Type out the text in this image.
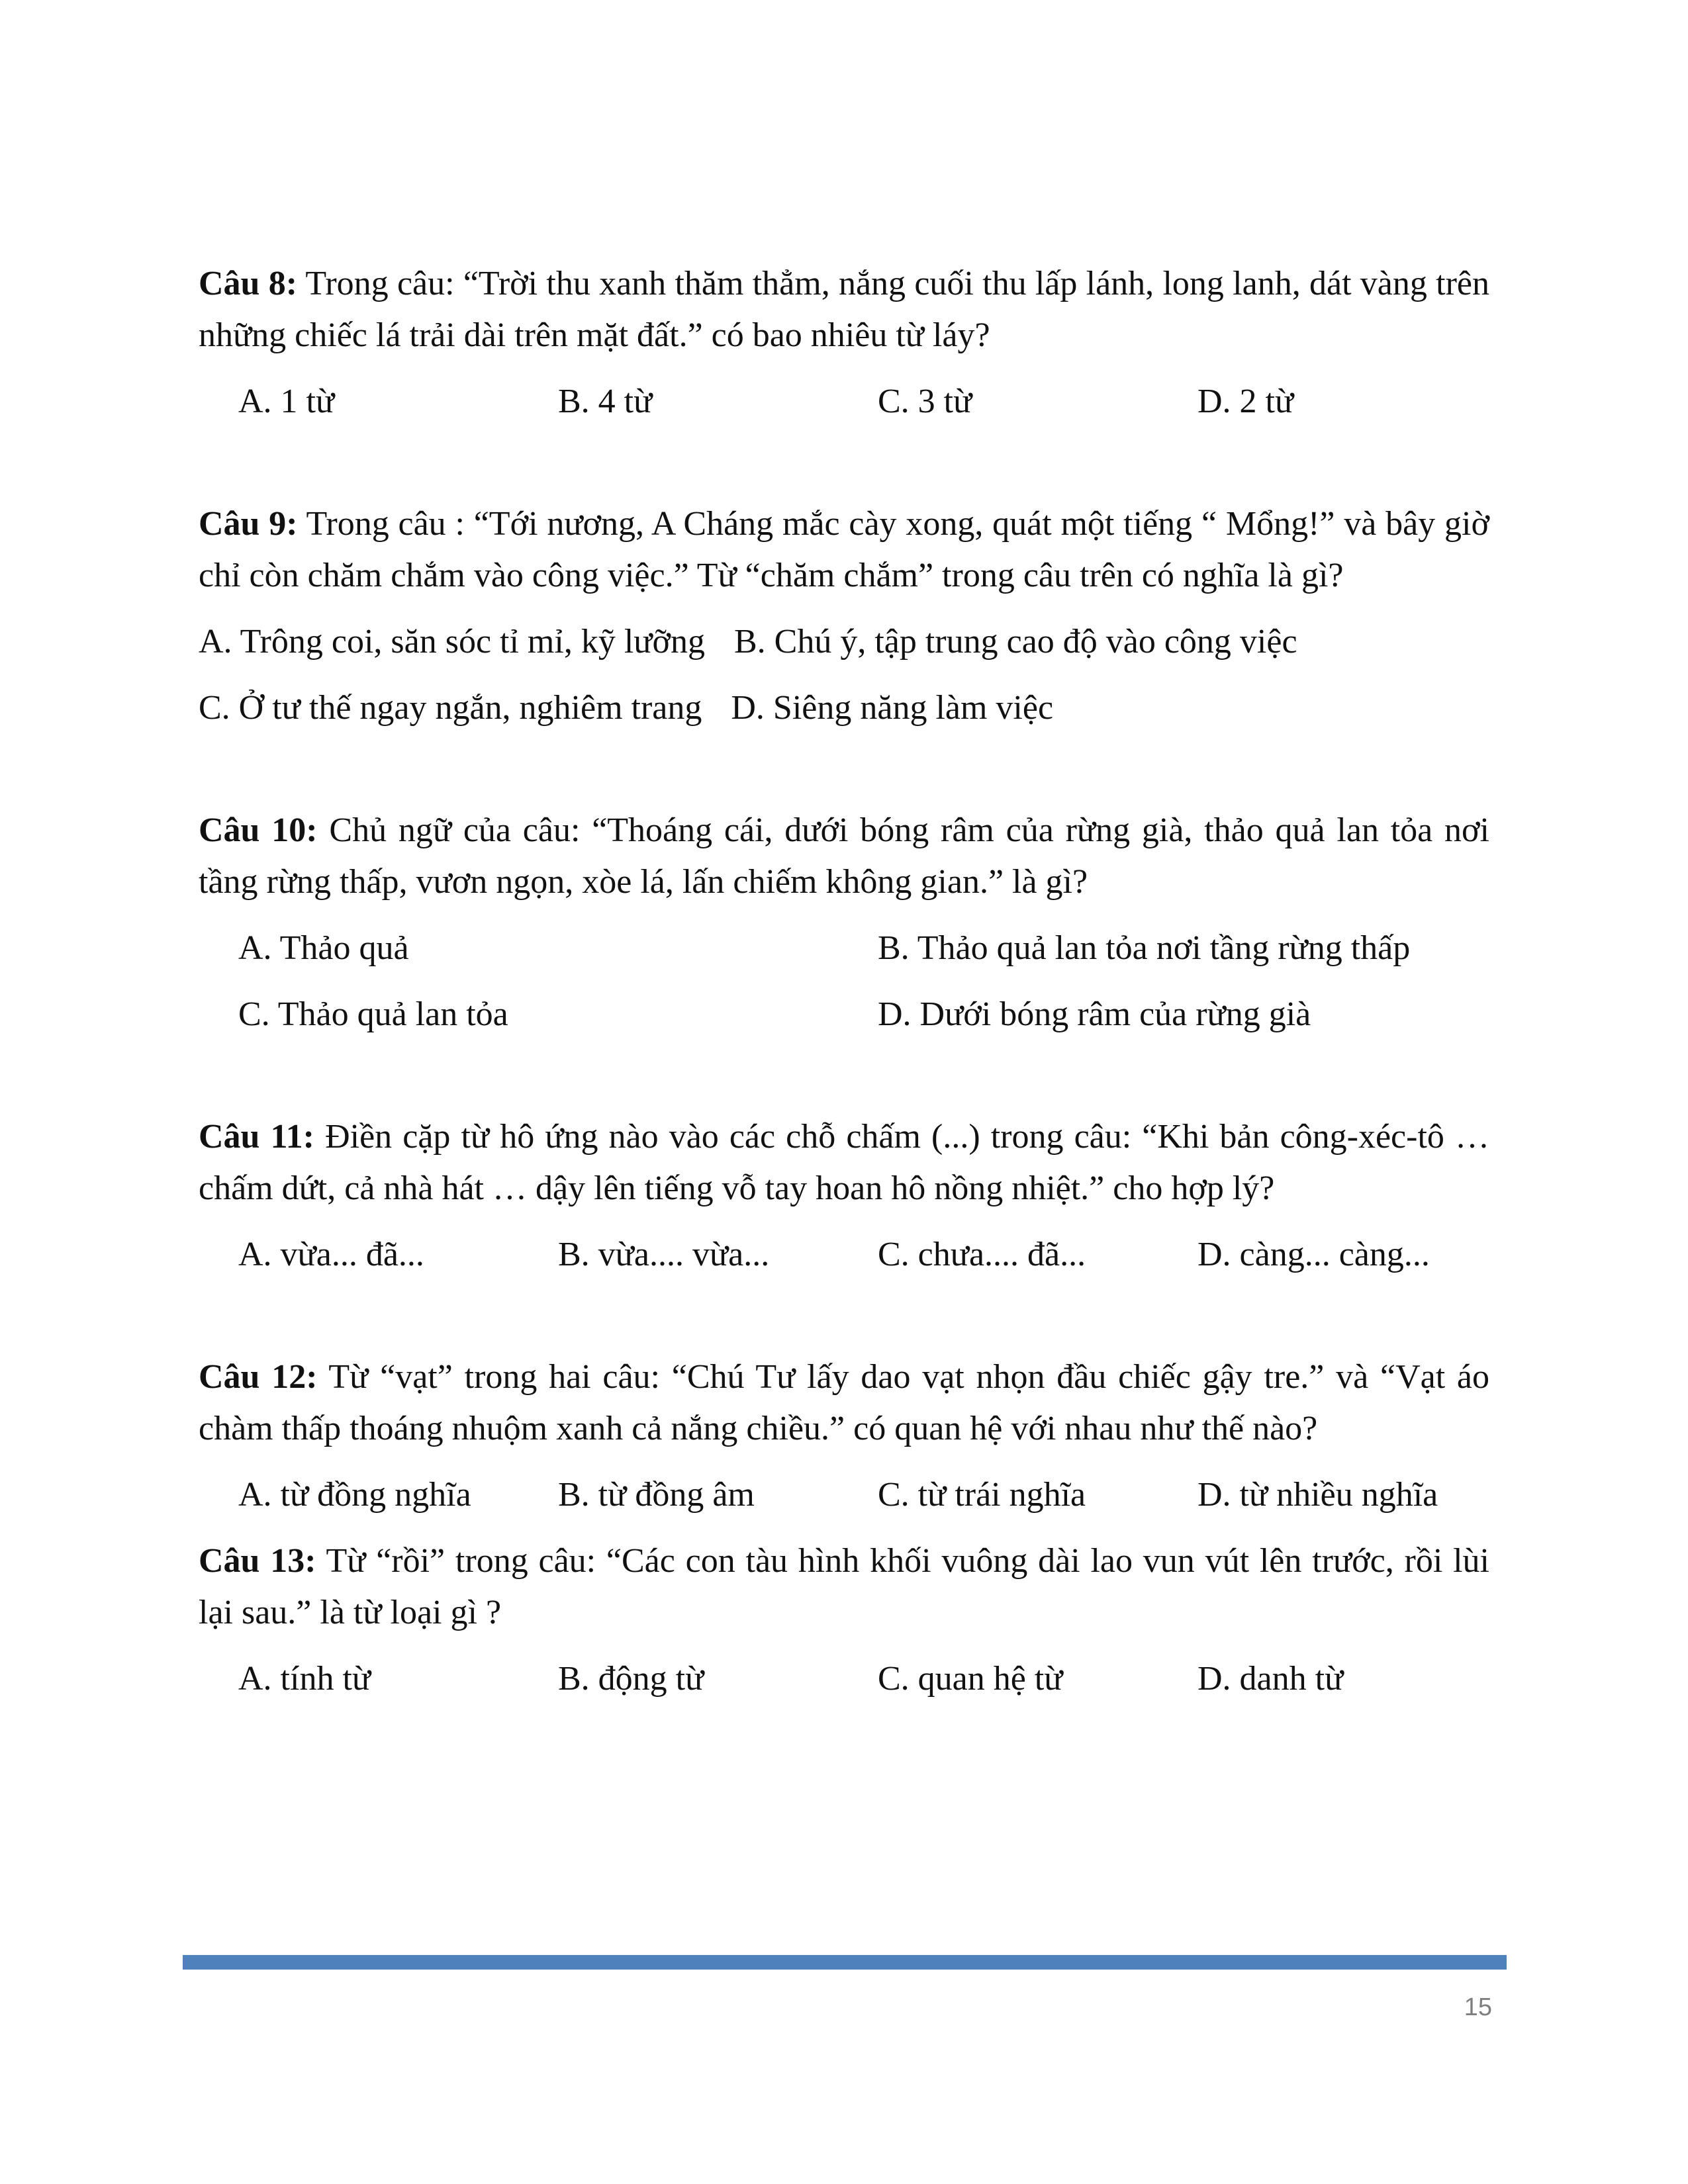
Câu 8: Trong câu: “Trời thu xanh thăm thẳm, nắng cuối thu lấp lánh, long lanh, dát vàng trên những chiếc lá trải dài trên mặt đất.” có bao nhiêu từ láy?

A. 1 từ	B. 4 từ	C. 3 từ	D. 2 từ

Câu 9: Trong câu : “Tới nương, A Cháng mắc cày xong, quát một tiếng “ Mổng!” và bây giờ chỉ còn chăm chắm vào công việc.” Từ “chăm chắm” trong câu trên có nghĩa là gì?

A. Trông coi, săn sóc tỉ mỉ, kỹ lưỡng B. Chú ý, tập trung cao độ vào công việc
C. Ở tư thế ngay ngắn, nghiêm trang D. Siêng năng làm việc

Câu 10: Chủ ngữ của câu: “Thoáng cái, dưới bóng râm của rừng già, thảo quả lan tỏa nơi tầng rừng thấp, vươn ngọn, xòe lá, lấn chiếm không gian.” là gì?

A. Thảo quả	B. Thảo quả lan tỏa nơi tầng rừng thấp
C. Thảo quả lan tỏa	D. Dưới bóng râm của rừng già

Câu 11: Điền cặp từ hô ứng nào vào các chỗ chấm (...) trong câu: “Khi bản công-xéc-tô … chấm dứt, cả nhà hát … dậy lên tiếng vỗ tay hoan hô nồng nhiệt.” cho hợp lý?

A. vừa... đã...	B. vừa.... vừa...	C. chưa.... đã...	D. càng... càng...

Câu 12: Từ “vạt” trong hai câu: “Chú Tư lấy dao vạt nhọn đầu chiếc gậy tre.” và “Vạt áo chàm thấp thoáng nhuộm xanh cả nắng chiều.” có quan hệ với nhau như thế nào?

A. từ đồng nghĩa	B. từ đồng âm	C. từ trái nghĩa	D. từ nhiều nghĩa

Câu 13: Từ “rồi” trong câu: “Các con tàu hình khối vuông dài lao vun vút lên trước, rồi lùi lại sau.” là từ loại gì ?

A. tính từ	B. động từ	C. quan hệ từ	D. danh từ
15
